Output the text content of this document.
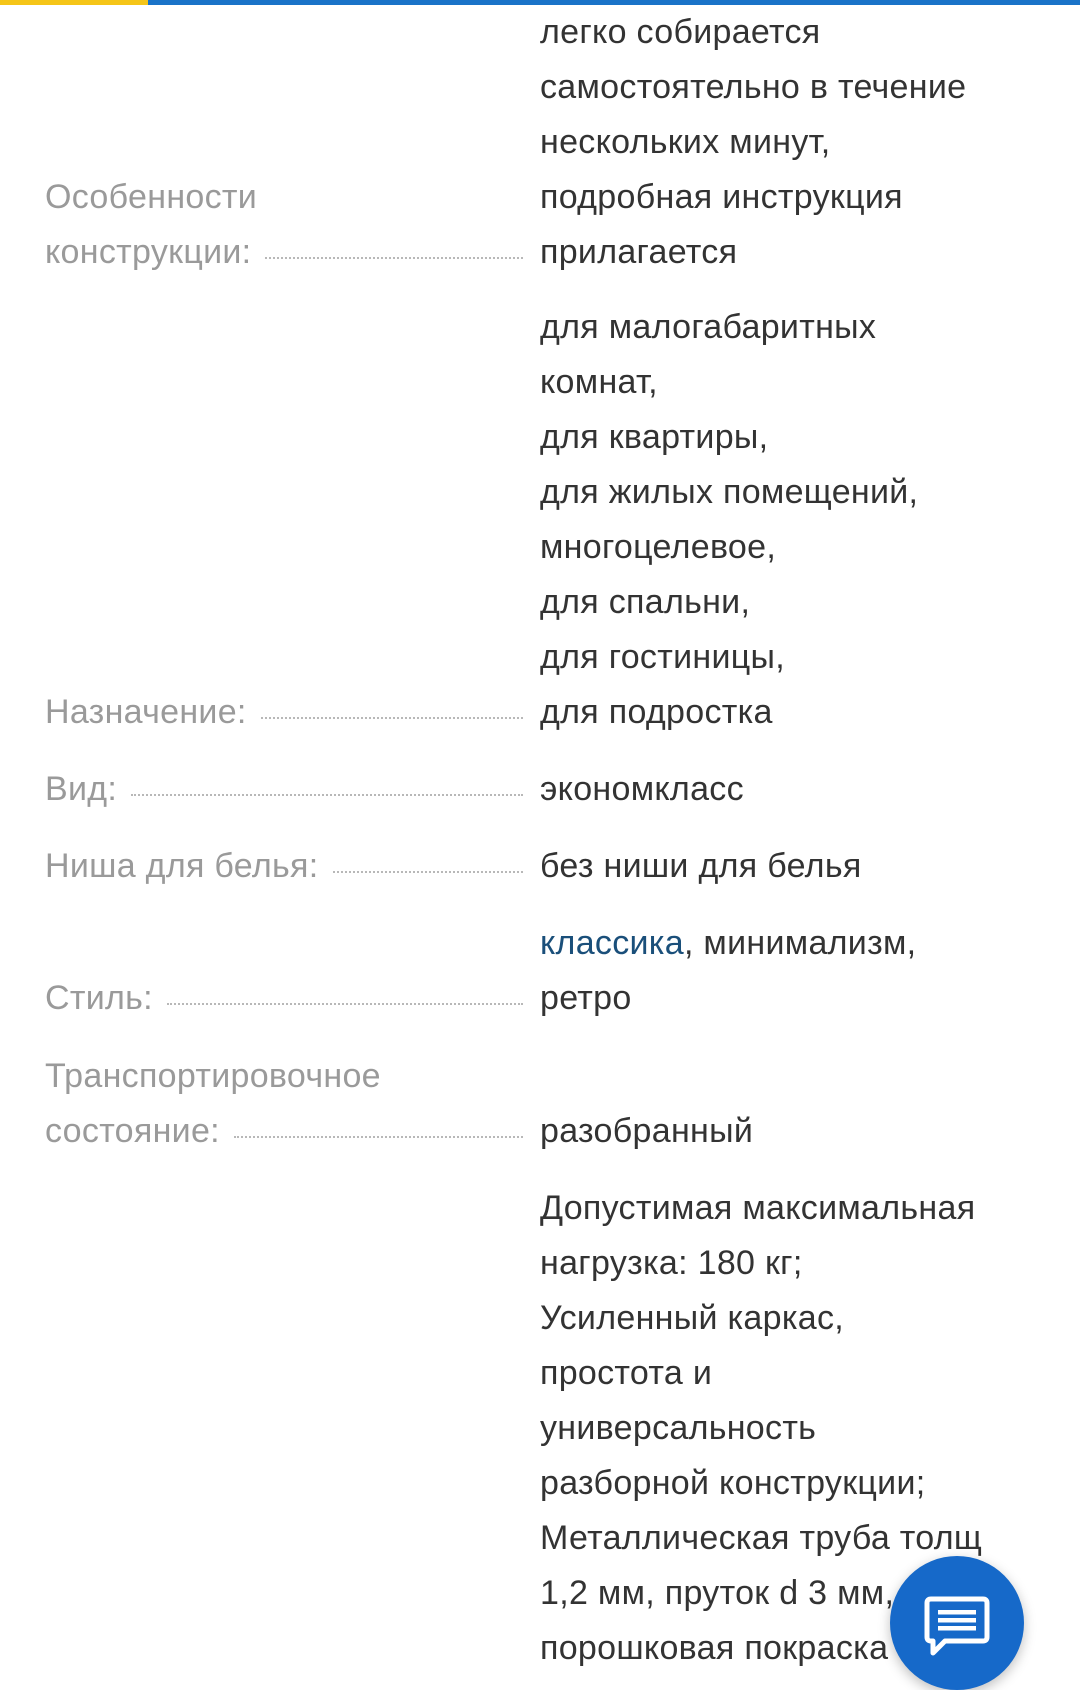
легко собирается
самостоятельно в течение
нескольких минут,
подробная инструкция
прилагается
Особенности
конструкции:
для малогабаритных
комнат,
для квартиры,
для жилых помещений,
многоцелевое,
для спальни,
для гостиницы,
для подростка
Назначение:
экономкласс
Вид:
без ниши для белья
Ниша для белья:
классика, минимализм,
ретро
Стиль:
Транспортировочное
состояние:	разобранный
Допустимая максимальная
нагрузка: 180 кг;
Усиленный каркас,
простота и
универсальность
разборной конструкции;
Металлическая труба толщ
1,2 мм, пруток d 3 мм,
порошковая покраска
